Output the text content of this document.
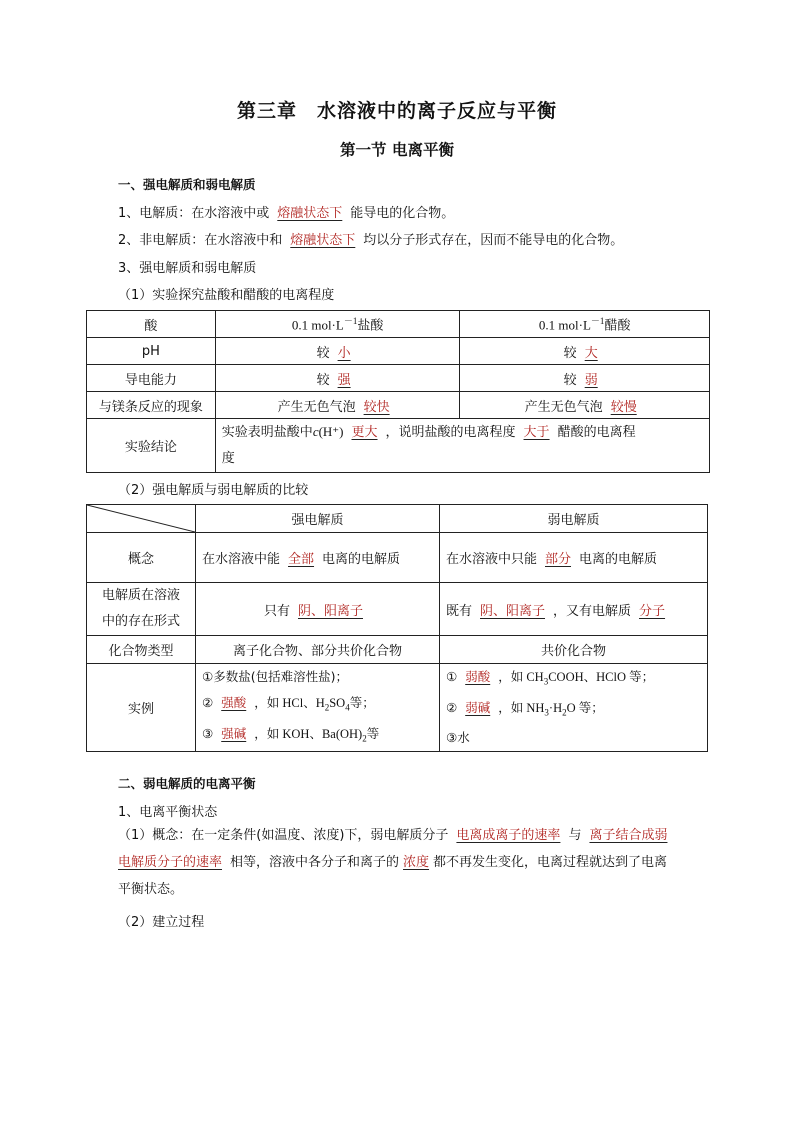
第三章　水溶液中的离子反应与平衡
第一节 电离平衡
一、强电解质和弱电解质
1、电解质：在水溶液中或 熔融状态下 能导电的化合物。
2、非电解质：在水溶液中和 熔融状态下 均以分子形式存在，因而不能导电的化合物。
3、强电解质和弱电解质
（1）实验探究盐酸和醋酸的电离程度
酸	0.1 $mol\cdot L^{-1}$盐酸	0.1 $mol\cdot L^{-1}$醋酸
pH	较 小	较 大
导电能力	较 强	较 弱
与镁条反应的现象	产生无色气泡 较快	产生无色气泡 较慢
实验结论	实验表明盐酸中c(H⁺) 更大 ，说明盐酸的电离程度 大于 醋酸的电离程
度	
（2）强电解质与弱电解质的比较
	强电解质	弱电解质
概念	在水溶液中能 全部 电离的电解质	在水溶液中只能 部分 电离的电解质
电解质在溶液
中的存在形式	只有 阴、阳离子	既有 阴、阳离子 ，又有电解质 分子
化合物类型	离子化合物、部分共价化合物	共价化合物
实例	①多数盐(包括难溶性盐)；
② 强酸 ，如 HCl、$H_2SO_4$等；
③ 强碱 ，如 KOH、$Ba(OH)_2$等	① 弱酸 ，如 $CH_3COOH$、HClO 等；
② 弱碱 ，如 $NH_3\cdot H_2O$ 等；
③水
二、弱电解质的电离平衡
1、电离平衡状态
（1）概念：在一定条件(如温度、浓度)下，弱电解质分子 电离成离子的速率 与 离子结合成弱电解质分子的速率 相等，溶液中各分子和离子的 浓度 都不再发生变化，电离过程就达到了电离平衡状态。
（2）建立过程
